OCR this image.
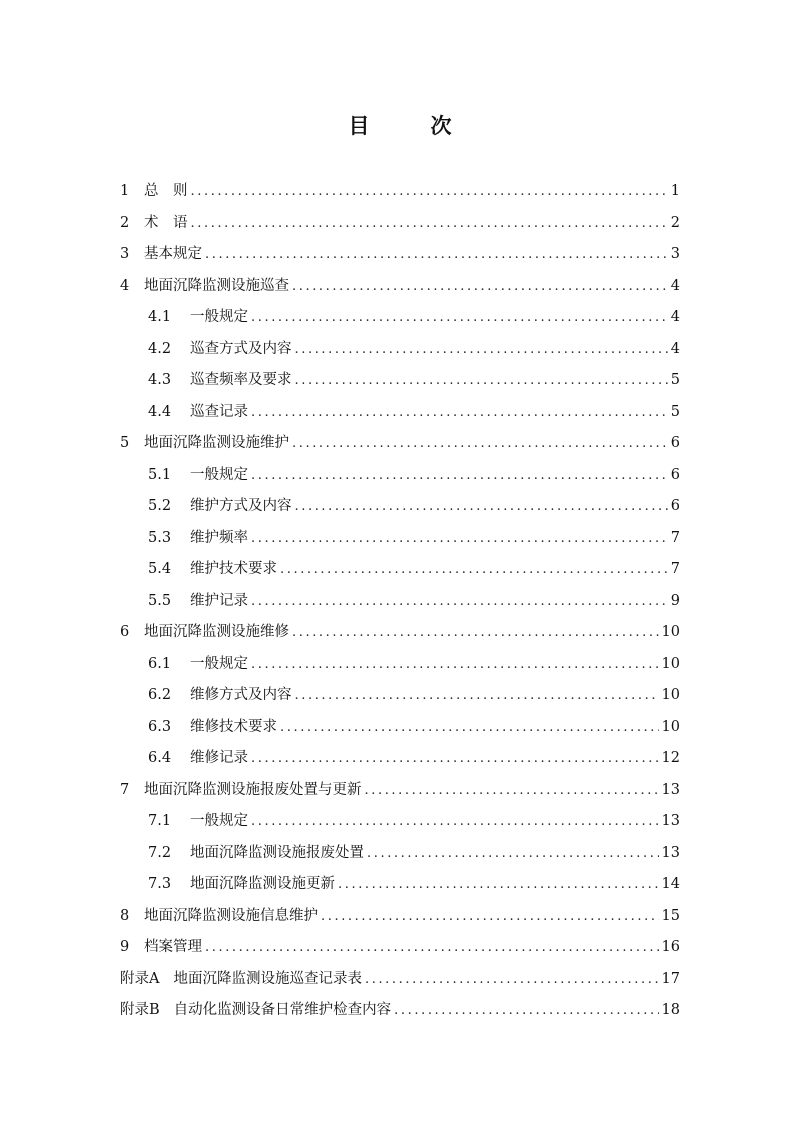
目　次
1	总　则 .....	1
2	术　语 .....	2
3	基本规定 .....	3
4	地面沉降监测设施巡查 .....	4
4.1	一般规定 .....	4
4.2	巡查方式及内容 .....	4
4.3	巡查频率及要求 .....	5
4.4	巡查记录 .....	5
5	地面沉降监测设施维护 .....	6
5.1	一般规定 .....	6
5.2	维护方式及内容 .....	6
5.3	维护频率 .....	7
5.4	维护技术要求 .....	7
5.5	维护记录 .....	9
6	地面沉降监测设施维修 .....	10
6.1	一般规定 .....	10
6.2	维修方式及内容 .....	10
6.3	维修技术要求 .....	10
6.4	维修记录 .....	12
7	地面沉降监测设施报废处置与更新 .....	13
7.1	一般规定 .....	13
7.2	地面沉降监测设施报废处置 .....	13
7.3	地面沉降监测设施更新 .....	14
8	地面沉降监测设施信息维护 .....	15
9	档案管理 .....	16
附录A 地面沉降监测设施巡查记录表 .....	17
附录B 自动化监测设备日常维护检查内容 .....	18
